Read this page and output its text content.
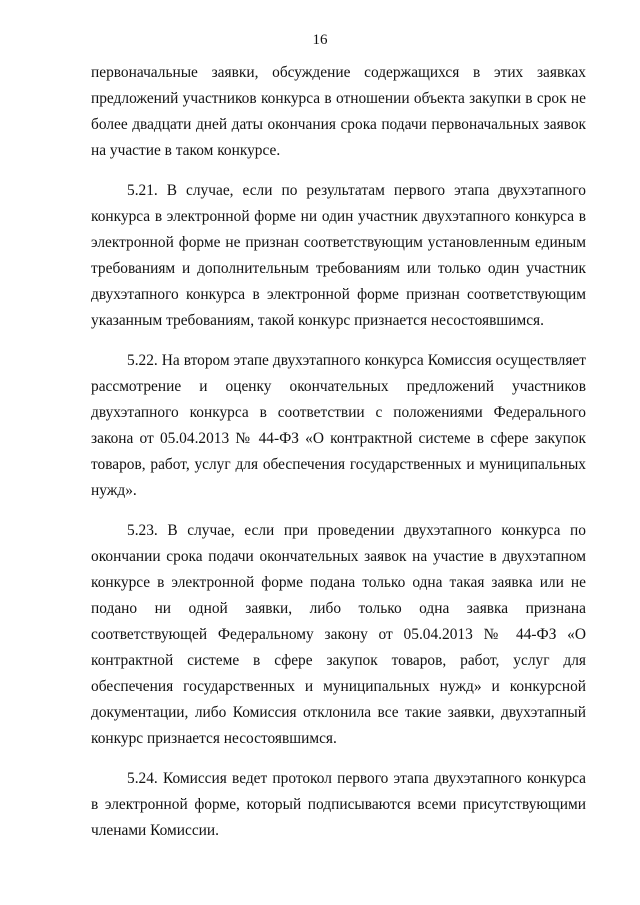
16

первоначальные заявки, обсуждение содержащихся в этих заявках предложений участников конкурса в отношении объекта закупки в срок не более двадцати дней даты окончания срока подачи первоначальных заявок на участие в таком конкурсе.

5.21. В случае, если по результатам первого этапа двухэтапного конкурса в электронной форме ни один участник двухэтапного конкурса в электронной форме не признан соответствующим установленным единым требованиям и дополнительным требованиям или только один участник двухэтапного конкурса в электронной форме признан соответствующим указанным требованиям, такой конкурс признается несостоявшимся.

5.22. На втором этапе двухэтапного конкурса Комиссия осуществляет рассмотрение и оценку окончательных предложений участников двухэтапного конкурса в соответствии с положениями Федерального закона от 05.04.2013 № 44-ФЗ «О контрактной системе в сфере закупок товаров, работ, услуг для обеспечения государственных и муниципальных нужд».

5.23. В случае, если при проведении двухэтапного конкурса по окончании срока подачи окончательных заявок на участие в двухэтапном конкурсе в электронной форме подана только одна такая заявка или не подано ни одной заявки, либо только одна заявка признана соответствующей Федеральному закону от 05.04.2013 № 44-ФЗ «О контрактной системе в сфере закупок товаров, работ, услуг для обеспечения государственных и муниципальных нужд» и конкурсной документации, либо Комиссия отклонила все такие заявки, двухэтапный конкурс признается несостоявшимся.

5.24. Комиссия ведет протокол первого этапа двухэтапного конкурса в электронной форме, который подписываются всеми присутствующими членами Комиссии.
